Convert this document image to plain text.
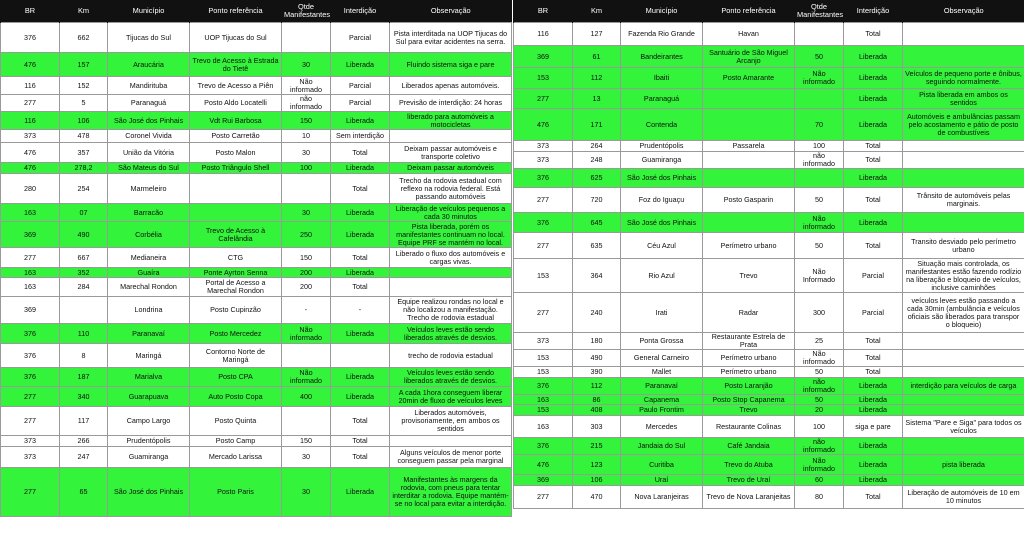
BR	Km	Município	Ponto referência	Qtde Manifestantes	Interdição	Observação
376	662	Tijucas do Sul	UOP Tijucas do Sul		Parcial	Pista interditada na UOP Tijucas do Sul para evitar acidentes na serra.
476	157	Araucária	Trevo de Acesso à Estrada do Tietê	30	Liberada	Fluindo sistema siga e pare
116	152	Mandirituba	Trevo de Acesso a Piên	Não informado	Parcial	Liberados apenas automóveis.
277	5	Paranaguá	Posto Aldo Locatelli	não informado	Parcial	Previsão de interdição: 24 horas
116	106	São José dos Pinhais	Vdt Rui Barbosa	150	Liberada	liberado para automóveis a motocicletas
373	478	Coronel Vivida	Posto Carretão	10	Sem interdição	
476	357	União da Vitória	Posto Malon	30	Total	Deixam passar automóveis e transporte coletivo
476	278,2	São Mateus do Sul	Posto Triângulo Shell	100	Liberada	Deixam passar automóveis
280	254	Marmeleiro			Total	Trecho da rodovia estadual com reflexo na rodovia federal. Está passando automóveis
163	07	Barracão		30	Liberada	Liberação de veículos pequenos a cada 30 minutos
369	490	Corbélia	Trevo de Acesso à Cafelândia	250	Liberada	Pista liberada, porém os manifestantes continuam no local. Equipe PRF se mantém no local.
277	667	Medianeira	CTG	150	Total	Liberado o fluxo dos automóveis e cargas vivas.
163	352	Guaíra	Ponte Ayrton Senna	200	Liberada	
163	284	Marechal Rondon	Portal de Acesso a Marechal Rondon	200	Total	
369		Londrina	Posto Cupinzão	-	-	Equipe realizou rondas no local e não localizou a manifestação. Trecho de rodovia estadual
376	110	Paranavaí	Posto Mercedez	Não informado	Liberada	Veículos leves estão sendo liberados através de desvios.
376	8	Maringá	Contorno Norte de Maringá			trecho de rodovia estadual
376	187	Marialva	Posto CPA	Não informado	Liberada	Veículos leves estão sendo liberados através de desvios.
277	340	Guarapuava	Auto Posto Copa	400	Liberada	A cada 1hora conseguem liberar 20min de fluxo de veículos leves
277	117	Campo Largo	Posto Quinta		Total	Liberados automóveis, provisoriamente, em ambos os sentidos
373	266	Prudentópolis	Posto Camp	150	Total	
373	247	Guamiranga	Mercado Larissa	30	Total	Alguns veículos de menor porte conseguem passar pela marginal
277	65	São José dos Pinhais	Posto Paris	30	Liberada	Manifestantes às margens da rodovia, com pneus para tentar interditar a rodovia. Equipe mantém-se no local para evitar a interdição.
BR	Km	Município	Ponto referência	Qtde Manifestantes	Interdição	Observação
116	127	Fazenda Rio Grande	Havan		Total	
369	61	Bandeirantes	Santuário de São Miguel Arcanjo	50	Liberada	
153	112	Ibaiti	Posto Amarante	Não informado	Liberada	Veículos de pequeno porte e ônibus, seguindo normalmente.
277	13	Paranaguá			Liberada	Pista liberada em ambos os sentidos
476	171	Contenda		70	Liberada	Automóveis e ambulâncias passam pelo acostamento e pátio de posto de combustíveis
373	264	Prudentópolis	Passarela	100	Total	
373	248	Guamiranga		não informado	Total	
376	625	São José dos Pinhais			Liberada	
277	720	Foz do Iguaçu	Posto Gasparin	50	Total	Trânsito de automóveis pelas marginais.
376	645	São José dos Pinhais		Não informado	Liberada	
277	635	Céu Azul	Perímetro urbano	50	Total	Transito desviado pelo perímetro urbano
153	364	Rio Azul	Trevo	Não Informado	Parcial	Situação mais controlada, os manifestantes estão fazendo rodízio na liberação e bloqueio de veículos, inclusive caminhões
277	240	Irati	Radar	300	Parcial	veículos leves estão passando a cada 30min (ambulância e veículos oficiais são liberados para transpor o bloqueio)
373	180	Ponta Grossa	Restaurante Estrela de Prata	25	Total	
153	490	General Carneiro	Perímetro urbano	Não informado	Total	
153	390	Mallet	Perímetro urbano	50	Total	
376	112	Paranavaí	Posto Laranjão	não informado	Liberada	interdição para veículos de carga
163	86	Capanema	Posto Stop Capanema	50	Liberada	
153	408	Paulo Frontim	Trevo	20	Liberada	
163	303	Mercedes	Restaurante Colinas	100	siga e pare	Sistema "Pare e Siga" para todos os veículos
376	215	Jandaia do Sul	Café Jandaia	não informado	Liberada	
476	123	Curitiba	Trevo do Atuba	Não informado	Liberada	pista liberada
369	106	Uraí	Trevo de Uraí	60	Liberada	
277	470	Nova Laranjeiras	Trevo de Nova Laranjeitas	80	Total	Liberação de automóveis de 10 em 10 minutos
